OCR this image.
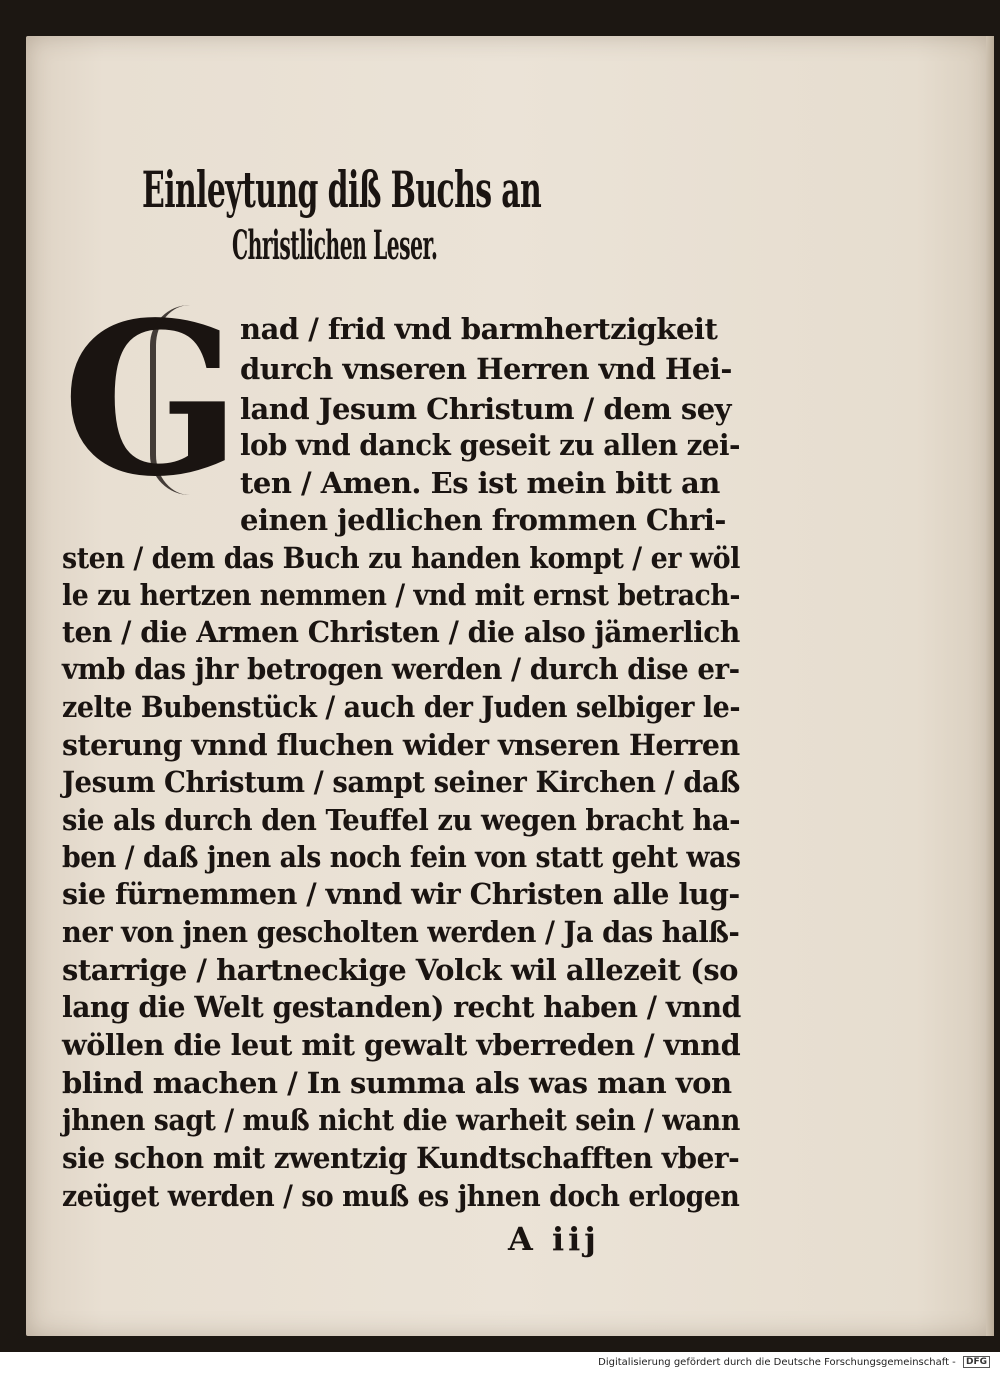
Einleytung diß Buchs an
Christlichen Leser.
G
nad / frid vnd barmhertzigkeit
durch vnseren Herren vnd Hei-
land Jesum Christum / dem sey
lob vnd danck geseit zu allen zei-
ten / Amen. Es ist mein bitt an
einen jedlichen frommen Chri-
sten / dem das Buch zu handen kompt / er wöl
le zu hertzen nemmen / vnd mit ernst betrach-
ten / die Armen Christen / die also jämerlich
vmb das jhr betrogen werden / durch dise er-
zelte Bubenstück / auch der Juden selbiger le-
sterung vnnd fluchen wider vnseren Herren
Jesum Christum / sampt seiner Kirchen / daß
sie als durch den Teuffel zu wegen bracht ha-
ben / daß jnen als noch fein von statt geht was
sie fürnemmen / vnnd wir Christen alle lug-
ner von jnen gescholten werden / Ja das halß-
starrige / hartneckige Volck wil allezeit (so
lang die Welt gestanden) recht haben / vnnd
wöllen die leut mit gewalt vberreden / vnnd
blind machen / In summa als was man von
jhnen sagt / muß nicht die warheit sein / wann
sie schon mit zwentzig Kundtschafften vber-
zeüget werden / so muß es jhnen doch erlogen
A iij
Digitalisierung gefördert durch die Deutsche Forschungsgemeinschaft - DFG
